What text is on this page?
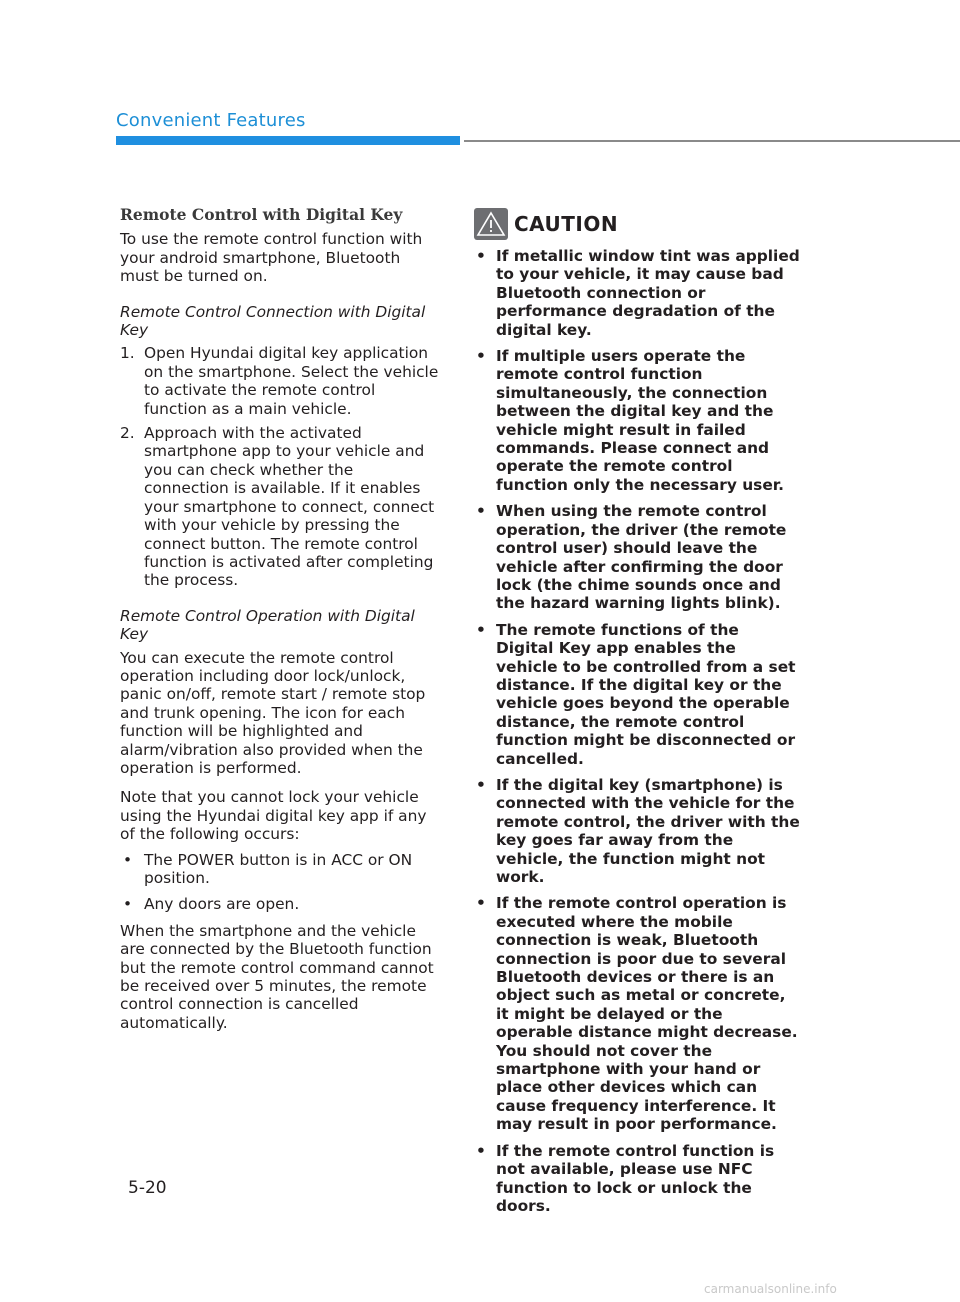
Convenient Features
Remote Control with Digital Key

To use the remote control function with your android smartphone, Bluetooth must be turned on.

Remote Control Connection with Digital Key
1. Open Hyundai digital key application on the smartphone. Select the vehicle to activate the remote control function as a main vehicle.
2. Approach with the activated smartphone app to your vehicle and you can check whether the connection is available. If it enables your smartphone to connect, connect with your vehicle by pressing the connect button. The remote control function is activated after completing the process.
Remote Control Operation with Digital Key

You can execute the remote control operation including door lock/unlock, panic on/off, remote start / remote stop and trunk opening. The icon for each function will be highlighted and alarm/vibration also provided when the operation is performed.

Note that you cannot lock your vehicle using the Hyundai digital key app if any of the following occurs:

• The POWER button is in ACC or ON position.
• Any doors are open.

When the smartphone and the vehicle are connected by the Bluetooth function but the remote control command cannot be received over 5 minutes, the remote control connection is cancelled automatically.

CAUTION
• If metallic window tint was applied to your vehicle, it may cause bad Bluetooth connection or performance degradation of the digital key.
• If multiple users operate the remote control function simultaneously, the connection between the digital key and the vehicle might result in failed commands. Please connect and operate the remote control function only the necessary user.
• When using the remote control operation, the driver (the remote control user) should leave the vehicle after confirming the door lock (the chime sounds once and the hazard warning lights blink).
• The remote functions of the Digital Key app enables the vehicle to be controlled from a set distance. If the digital key or the vehicle goes beyond the operable distance, the remote control function might be disconnected or cancelled.
• If the digital key (smartphone) is connected with the vehicle for the remote control, the driver with the key goes far away from the vehicle, the function might not work.
• If the remote control operation is executed where the mobile connection is weak, Bluetooth connection is poor due to several Bluetooth devices or there is an object such as metal or concrete, it might be delayed or the operable distance might decrease. You should not cover the smartphone with your hand or place other devices which can cause frequency interference. It may result in poor performance.
• If the remote control function is not available, please use NFC function to lock or unlock the doors.
5-20
carmanualsonline.info
